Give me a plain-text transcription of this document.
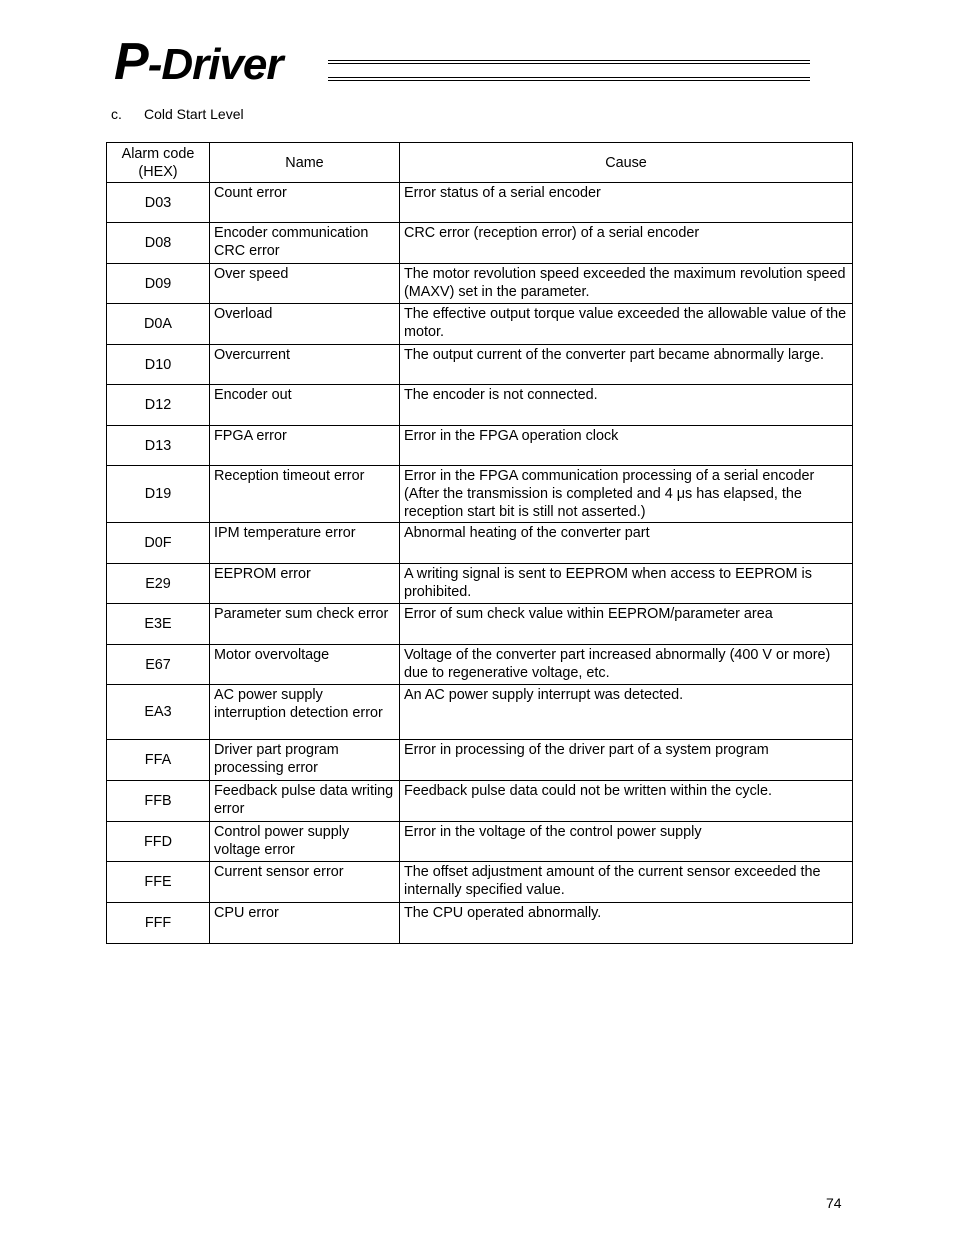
P-Driver
c. Cold Start Level
Alarm code (HEX)	Name	Cause
D03	Count error	Error status of a serial encoder
D08	Encoder communication CRC error	CRC error (reception error) of a serial encoder
D09	Over speed	The motor revolution speed exceeded the maximum revolution speed (MAXV) set in the parameter.
D0A	Overload	The effective output torque value exceeded the allowable value of the motor.
D10	Overcurrent	The output current of the converter part became abnormally large.
D12	Encoder out	The encoder is not connected.
D13	FPGA error	Error in the FPGA operation clock
D19	Reception timeout error	Error in the FPGA communication processing of a serial encoder (After the transmission is completed and 4 μs has elapsed, the reception start bit is still not asserted.)
D0F	IPM temperature error	Abnormal heating of the converter part
E29	EEPROM error	A writing signal is sent to EEPROM when access to EEPROM is prohibited.
E3E	Parameter sum check error	Error of sum check value within EEPROM/parameter area
E67	Motor overvoltage	Voltage of the converter part increased abnormally (400 V or more) due to regenerative voltage, etc.
EA3	AC power supply interruption detection error	An AC power supply interrupt was detected.
FFA	Driver part program processing error	Error in processing of the driver part of a system program
FFB	Feedback pulse data writing error	Feedback pulse data could not be written within the cycle.
FFD	Control power supply voltage error	Error in the voltage of the control power supply
FFE	Current sensor error	The offset adjustment amount of the current sensor exceeded the internally specified value.
FFF	CPU error	The CPU operated abnormally.
74
